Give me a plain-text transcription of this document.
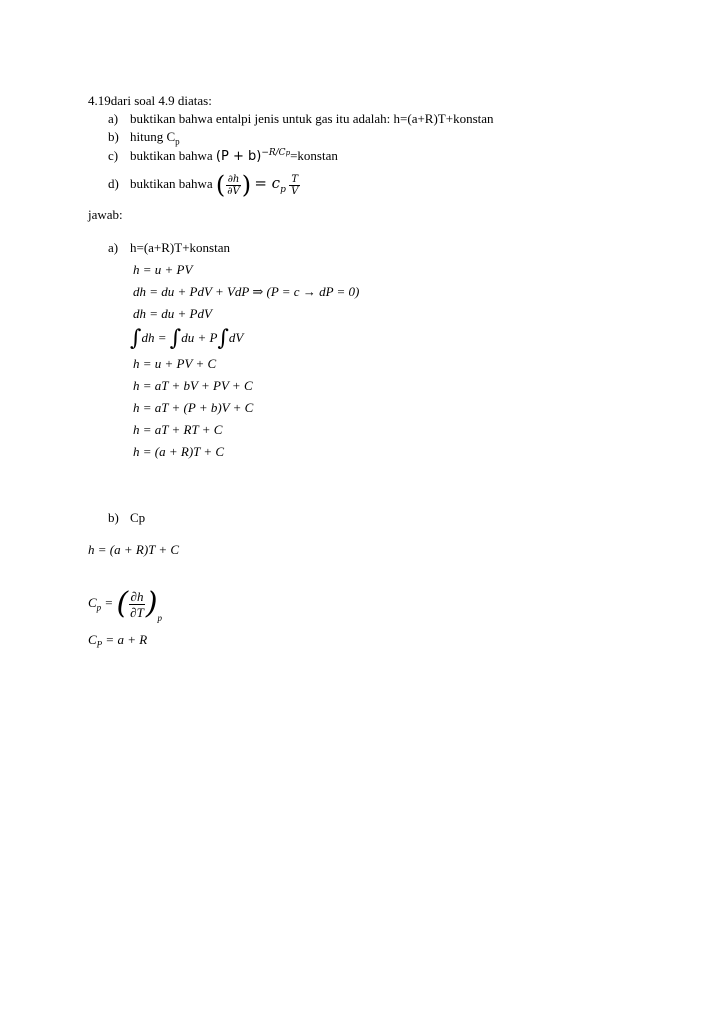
4.19dari soal 4.9 diatas:
a) buktikan bahwa entalpi jenis untuk gas itu adalah: h=(a+R)T+konstan
b) hitung $C_p$
c) buktikan bahwa $(P + b)^{-R/Cp}=konstan$
d) buktikan bahwa ( $\frac{\partial h}{\partial V}$ ) = $c_p \frac{T}{V}$
jawab:
a) h=(a+R)T+konstan
h = u + PV
dh = du + PdV + VdP ⇒ (P = c → dP = 0)
dh = du + PdV
∫dh = ∫du + P∫dV
h = u + PV + C
h = aT + bV + PV + C
h = aT + (P + b)V + C
h = aT + RT + C
h = (a + R)T + C
b) Cp
h = (a + R)T + C
$C_p$ = ( $\frac{\partial h}{\partial T} )_p$
$C_P = a + R$
